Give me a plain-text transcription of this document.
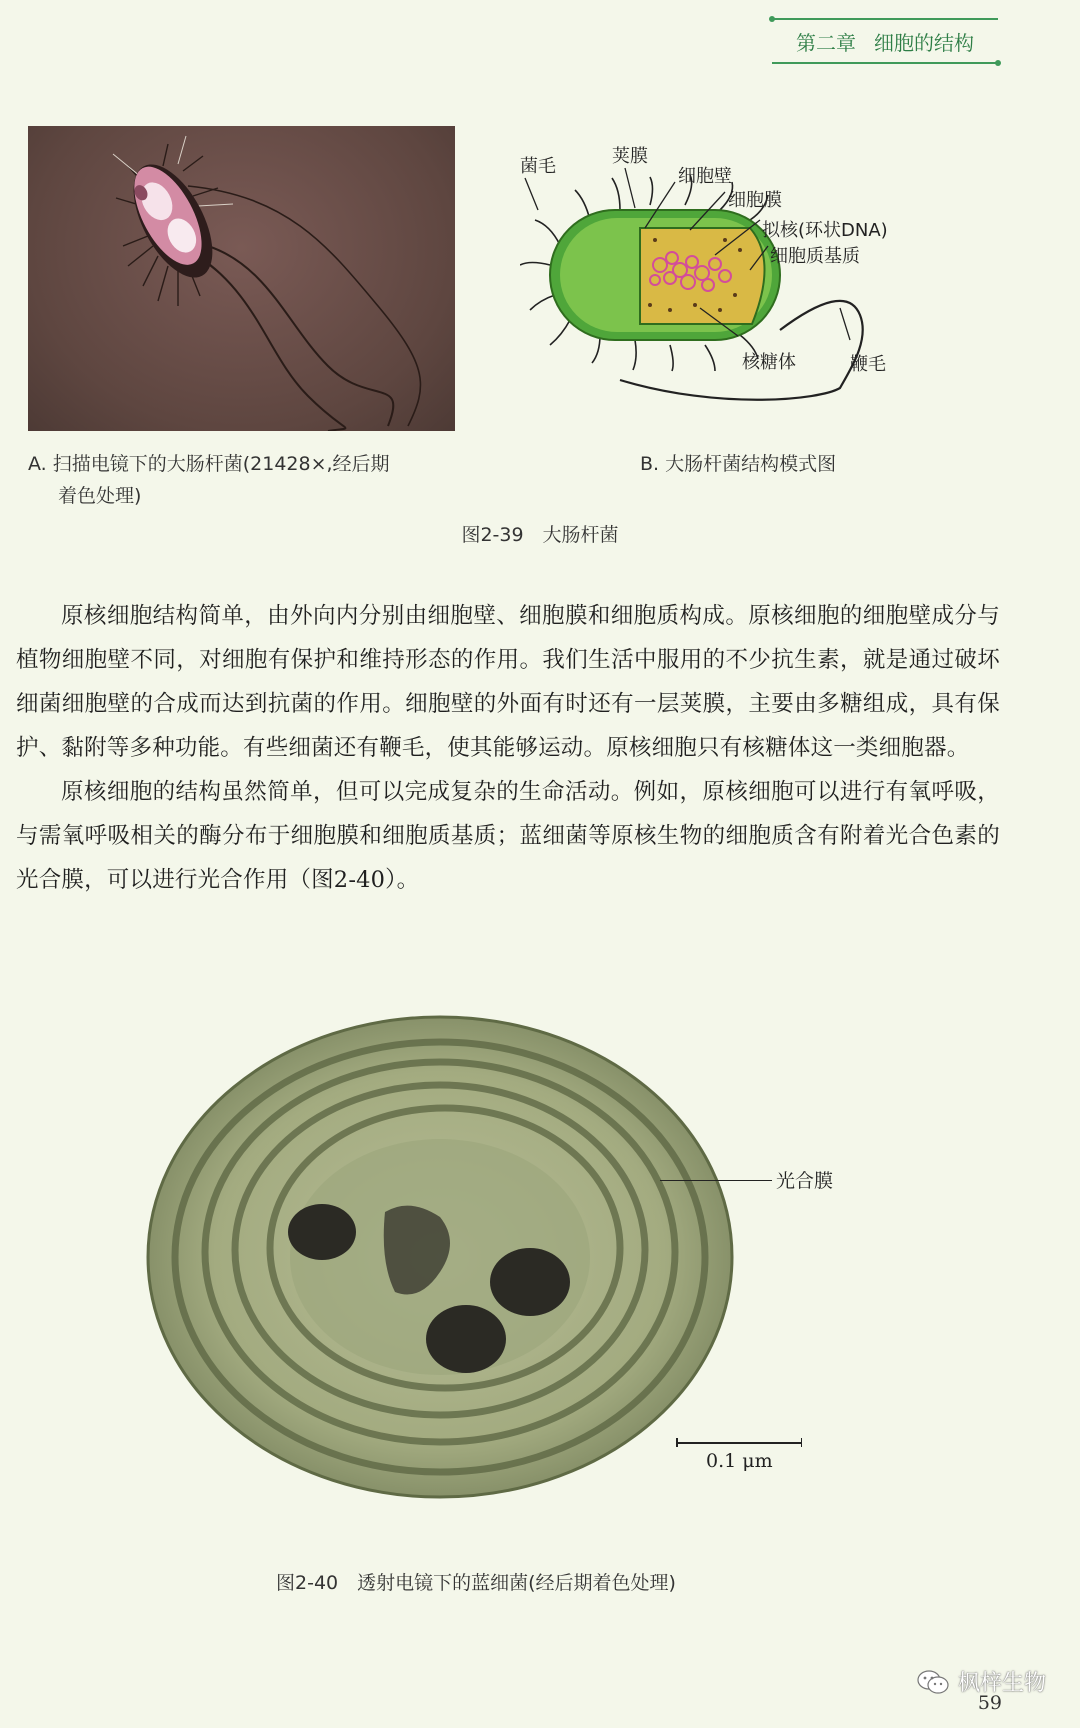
第二章 细胞的结构
菌毛	荚膜
细胞壁
细胞膜
拟核(环状DNA)
细胞质基质
核糖体	鞭毛
A. 扫描电镜下的大肠杆菌(21428×,经后期
着色处理)
B. 大肠杆菌结构模式图
图2-39　大肠杆菌

原核细胞结构简单，由外向内分别由细胞壁、细胞膜和细胞质构成。原核细胞的细胞壁成分与植物细胞壁不同，对细胞有保护和维持形态的作用。我们生活中服用的不少抗生素，就是通过破坏细菌细胞壁的合成而达到抗菌的作用。细胞壁的外面有时还有一层荚膜，主要由多糖组成，具有保护、黏附等多种功能。有些细菌还有鞭毛，使其能够运动。原核细胞只有核糖体这一类细胞器。

原核细胞的结构虽然简单，但可以完成复杂的生命活动。例如，原核细胞可以进行有氧呼吸，与需氧呼吸相关的酶分布于细胞膜和细胞质基质；蓝细菌等原核生物的细胞质含有附着光合色素的光合膜，可以进行光合作用（图2-40）。

光合膜
0.1 μm
图2-40　透射电镜下的蓝细菌(经后期着色处理)
枫梓生物
59
